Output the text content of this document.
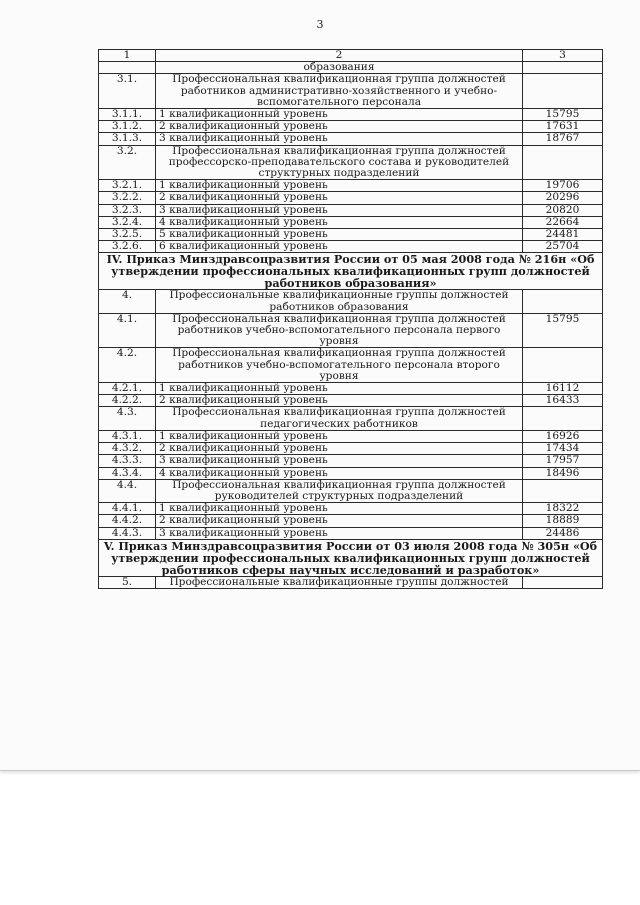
3
1	2	3
	образования	
3.1.	Профессиональная квалификационная группа должностей работников административно-хозяйственного и учебно-вспомогательного персонала	
3.1.1.	1 квалификационный уровень	15795
3.1.2.	2 квалификационный уровень	17631
3.1.3.	3 квалификационный уровень	18767
3.2.	Профессиональная квалификационная группа должностей профессорско-преподавательского состава и руководителей структурных подразделений	
3.2.1.	1 квалификационный уровень	19706
3.2.2.	2 квалификационный уровень	20296
3.2.3.	3 квалификационный уровень	20820
3.2.4.	4 квалификационный уровень	22664
3.2.5.	5 квалификационный уровень	24481
3.2.6.	6 квалификационный уровень	25704
IV. Приказ Минздравсоцразвития России от 05 мая 2008 года № 216н «Об утверждении профессиональных квалификационных групп должностей работников образования»		
4.	Профессиональные квалификационные группы должностей работников образования	
4.1.	Профессиональная квалификационная группа должностей работников учебно-вспомогательного персонала первого уровня	15795
4.2.	Профессиональная квалификационная группа должностей работников учебно-вспомогательного персонала второго уровня	
4.2.1.	1 квалификационный уровень	16112
4.2.2.	2 квалификационный уровень	16433
4.3.	Профессиональная квалификационная группа должностей педагогических работников	
4.3.1.	1 квалификационный уровень	16926
4.3.2.	2 квалификационный уровень	17434
4.3.3.	3 квалификационный уровень	17957
4.3.4.	4 квалификационный уровень	18496
4.4.	Профессиональная квалификационная группа должностей руководителей структурных подразделений	
4.4.1.	1 квалификационный уровень	18322
4.4.2.	2 квалификационный уровень	18889
4.4.3.	3 квалификационный уровень	24486
V. Приказ Минздравсоцразвития России от 03 июля 2008 года № 305н «Об утверждении профессиональных квалификационных групп должностей работников сферы научных исследований и разработок»		
5.	Профессиональные квалификационные группы должностей	
